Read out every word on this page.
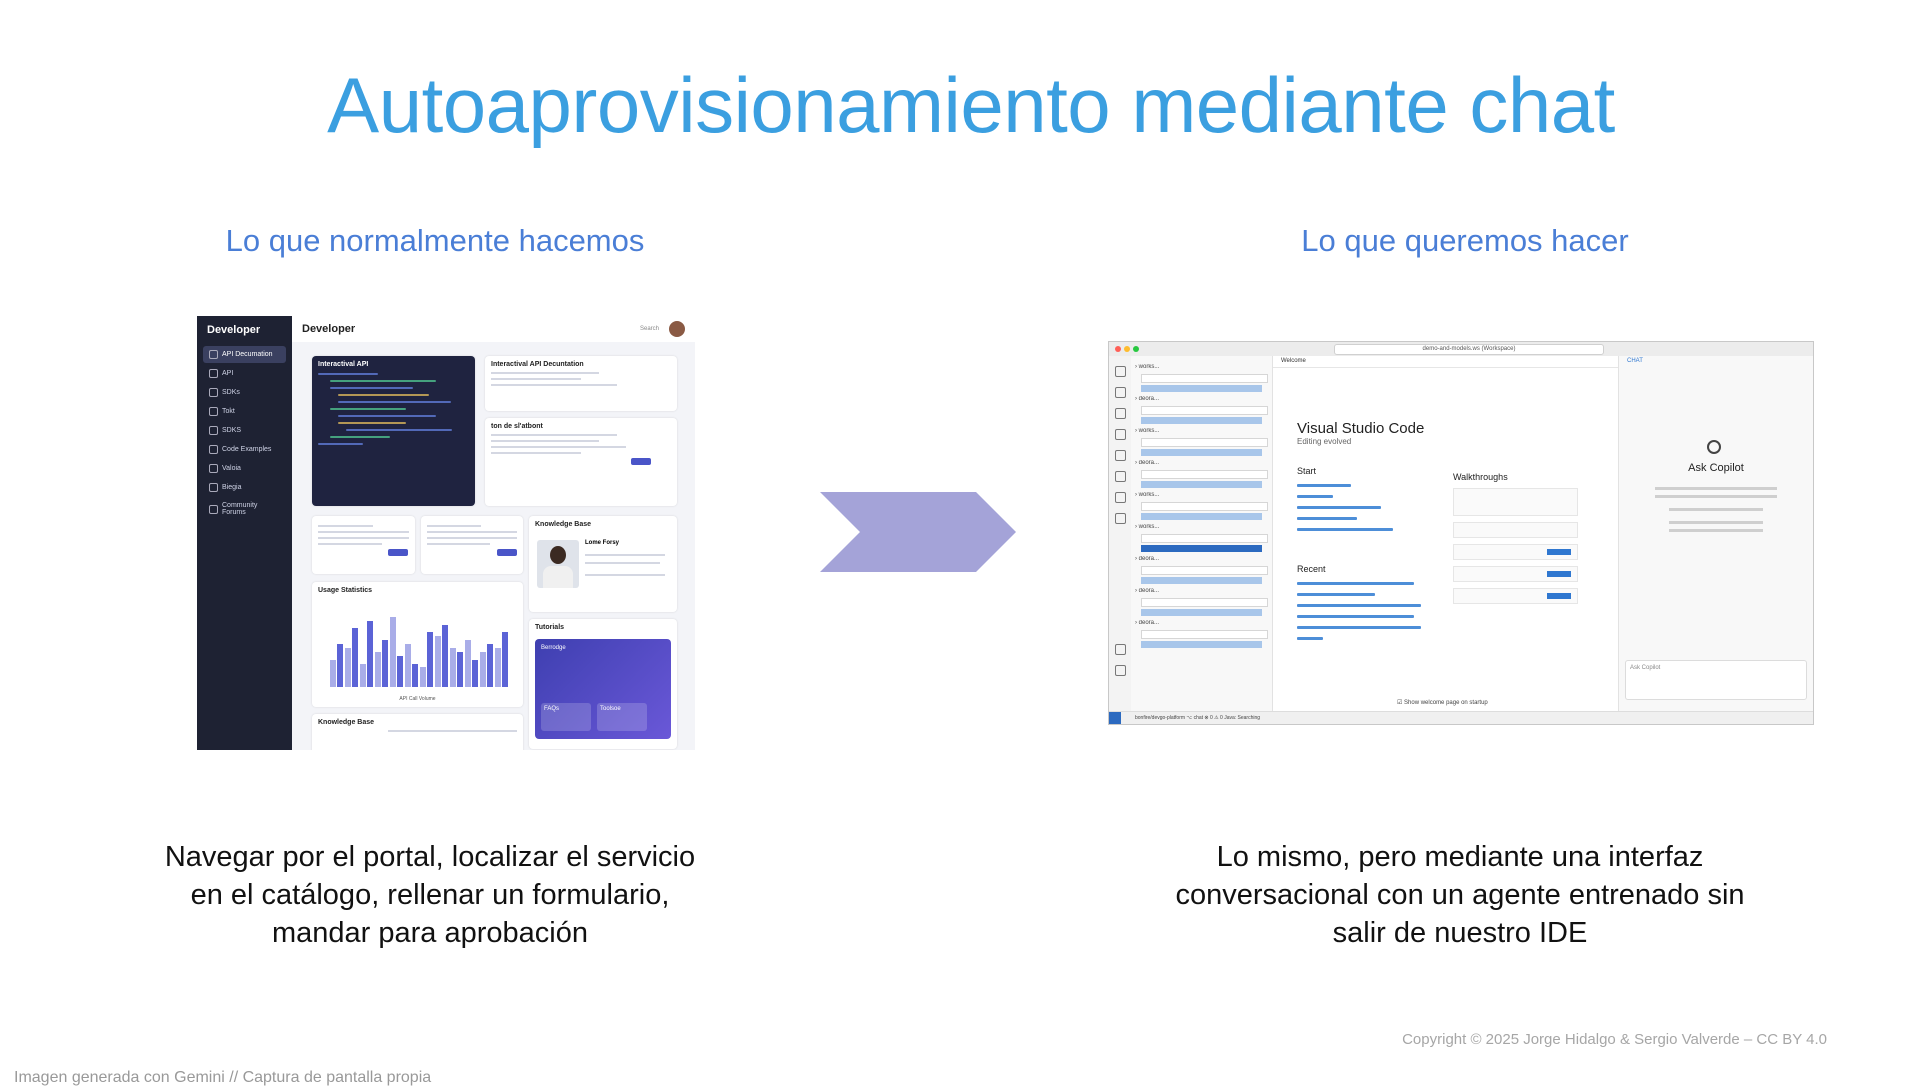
Autoaprovisionamiento mediante chat
Lo que normalmente hacemos	Lo que queremos hacer
Developer
API Decumation
API
SDKs
Tokt
SDKS
Code Examples
Valoia
Biegia
Community Forums
Developer	Search
Interactival API	Interactival API Decuntation
ton de sl'atbont
Knowledge Base
Lome Forsy
Usage Statistics
API Call Volume
Tutorials
Berrodge
FAQs	Toolsoe
Knowledge Base
demo-and-models.ws (Workspace)
› works...
› deora...
› works...
› deora...
› works...
› works...
› deora...
› deora...
› deora...
Welcome
Visual Studio Code
Editing evolved
Start
Recent
Walkthroughs
☑ Show welcome page on startup
CHAT
Ask Copilot
Ask Copilot
bonfire/devgo-platform ⌥ chat ⊗ 0 ⚠ 0 Java: Searching
Navegar por el portal, localizar el servicio en el catálogo, rellenar un formulario, mandar para aprobación
Lo mismo, pero mediante una interfaz conversacional con un agente entrenado sin salir de nuestro IDE
Copyright © 2025 Jorge Hidalgo & Sergio Valverde – CC BY 4.0
Imagen generada con Gemini // Captura de pantalla propia
